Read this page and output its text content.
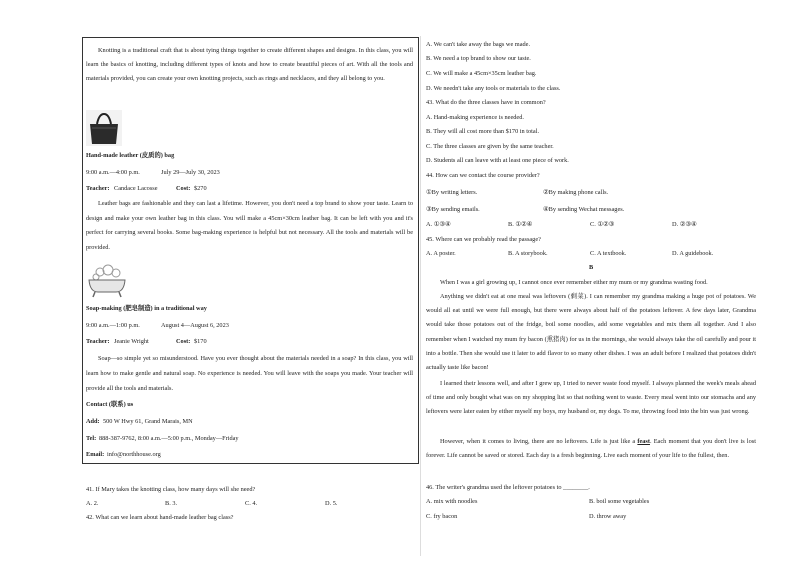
Knotting is a traditional craft that is about tying things together to create different shapes and designs. In this class, you will learn the basics of knotting, including different types of knots and how to create beautiful pieces of art. With all the tools and materials provided, you can create your own knotting projects, such as rings and necklaces, and they all belong to you.
Hand-made leather (皮质的) bag
9:00 a.m.—4:00 p.m.	July 29—July 30, 2023
Teacher: Candace Lacosse	Cost: $270
Leather bags are fashionable and they can last a lifetime. However, you don't need a top brand to show your taste. Learn to design and make your own leather bag in this class. You will make a 45cm×30cm leather bag. It can be left with you and it's perfect for carrying several books. Some bag-making experience is helpful but not necessary. All the tools and materials will be provided.
Soap-making (肥皂制造) in a traditional way
9:00 a.m.—1:00 p.m.	August 4—August 6, 2023
Teacher: Jeanie Wright	Cost: $170
Soap—so simple yet so misunderstood. Have you ever thought about the materials needed in a soap? In this class, you will learn how to make gentle and natural soap. No experience is needed. You will leave with the soaps you made. Your teacher will provide all the tools and materials.
Contact (联系) us
Add: 500 W Hwy 61, Grand Marais, MN
Tel: 888-387-9762, 8:00 a.m.—5:00 p.m., Monday—Friday
Email: info@northhouse.org
41. If Mary takes the knotting class, how many days will she need?
A. 2.	B. 3.	C. 4.	D. 5.
42. What can we learn about hand-made leather bag class?
A. We can't take away the bags we made.
B. We need a top brand to show our taste.
C. We will make a 45cm×35cm leather bag.
D. We needn't take any tools or materials to the class.
43. What do the three classes have in common?
A. Hand-making experience is needed.
B. They will all cost more than $170 in total.
C. The three classes are given by the same teacher.
D. Students all can leave with at least one piece of work.
44. How can we contact the course provider?
①By writing letters.	②By making phone calls.
③By sending emails.	④By sending Wechat messages.
A. ①③④	B. ①②④	C. ①②③	D. ②③④
45. Where can we probably read the passage?
A. A poster.	B. A storybook.	C. A textbook.	D. A guidebook.
B
When I was a girl growing up, I cannot once ever remember either my mum or my grandma wasting food.
Anything we didn't eat at one meal was leftovers (剩菜). I can remember my grandma making a huge pot of potatoes. We would all eat until we were full enough, but there were always about half of the potatoes leftover. A few days later, Grandma would take those potatoes out of the fridge, boil some noodles, add some vegetables and mix them all together. And I also remember when I watched my mum fry bacon (熏猪肉) for us in the mornings, she would always take the oil carefully and pour it into a bottle. Then she would use it later to add flavor to so many other dishes. I was an adult before I realized that potatoes didn't actually taste like bacon!
I learned their lessons well, and after I grew up, I tried to never waste food myself. I always planned the week's meals ahead of time and only bought what was on my shopping list so that nothing went to waste. Every meal went into our stomachs and any leftovers were later eaten by either myself my boys, my husband or, my dogs. To me, throwing food into the bin was just wrong.
However, when it comes to living, there are no leftovers. Life is just like a feast. Each moment that you don't live is lost forever. Life cannot be saved or stored. Each day is a fresh beginning. Live each moment of your life to the fullest, then.
46. The writer's grandma used the leftover potatoes to ________.
A. mix with noodles	B. boil some vegetables
C. fry bacon	D. throw away
